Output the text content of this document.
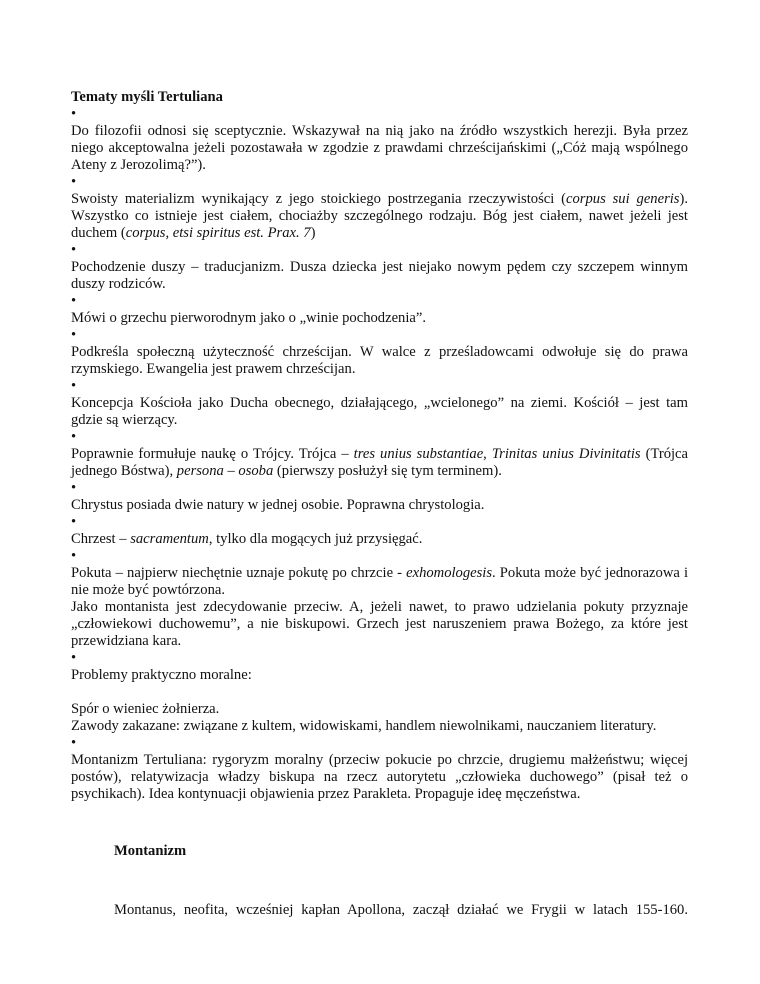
Tematy myśli Tertuliana

•

Do filozofii odnosi się sceptycznie. Wskazywał na nią jako na źródło wszystkich herezji. Była przez niego akceptowalna jeżeli pozostawała w zgodzie z prawdami chrześcijańskimi („Cóż mają wspólnego Ateny z Jerozolimą?”).

•

Swoisty materializm wynikający z jego stoickiego postrzegania rzeczywistości (corpus sui generis). Wszystko co istnieje jest ciałem, chociażby szczególnego rodzaju. Bóg jest ciałem, nawet jeżeli jest duchem (corpus, etsi spiritus est. Prax. 7)

•

Pochodzenie duszy – traducjanizm. Dusza dziecka jest niejako nowym pędem czy szczepem winnym duszy rodziców.

•

Mówi o grzechu pierworodnym jako o „winie pochodzenia”.

•

Podkreśla społeczną użyteczność chrześcijan. W walce z prześladowcami odwołuje się do prawa rzymskiego. Ewangelia jest prawem chrześcijan.

•

Koncepcja Kościoła jako Ducha obecnego, działającego, „wcielonego” na ziemi. Kościół – jest tam gdzie są wierzący.

•

Poprawnie formułuje naukę o Trójcy. Trójca – tres unius substantiae, Trinitas unius Divinitatis (Trójca jednego Bóstwa), persona – osoba (pierwszy posłużył się tym terminem).

•

Chrystus posiada dwie natury w jednej osobie. Poprawna chrystologia.

•

Chrzest – sacramentum, tylko dla mogących już przysięgać.

•

Pokuta – najpierw niechętnie uznaje pokutę po chrzcie - exhomologesis. Pokuta może być jednorazowa i nie może być powtórzona.

Jako montanista jest zdecydowanie przeciw. A, jeżeli nawet, to prawo udzielania pokuty przyznaje „człowiekowi duchowemu”, a nie biskupowi. Grzech jest naruszeniem prawa Bożego, za które jest przewidziana kara.

•

Problemy praktyczno moralne:

Spór o wieniec żołnierza.

Zawody zakazane: związane z kultem, widowiskami, handlem niewolnikami, nauczaniem literatury.

•

Montanizm Tertuliana: rygoryzm moralny (przeciw pokucie po chrzcie, drugiemu małżeństwu; więcej postów), relatywizacja władzy biskupa na rzecz autorytetu „człowieka duchowego” (pisał też o psychikach). Idea kontynuacji objawienia przez Parakleta. Propaguje ideę męczeństwa.

Montanizm

Montanus, neofita, wcześniej kapłan Apollona, zaczął działać we Frygii w latach 155-160.
